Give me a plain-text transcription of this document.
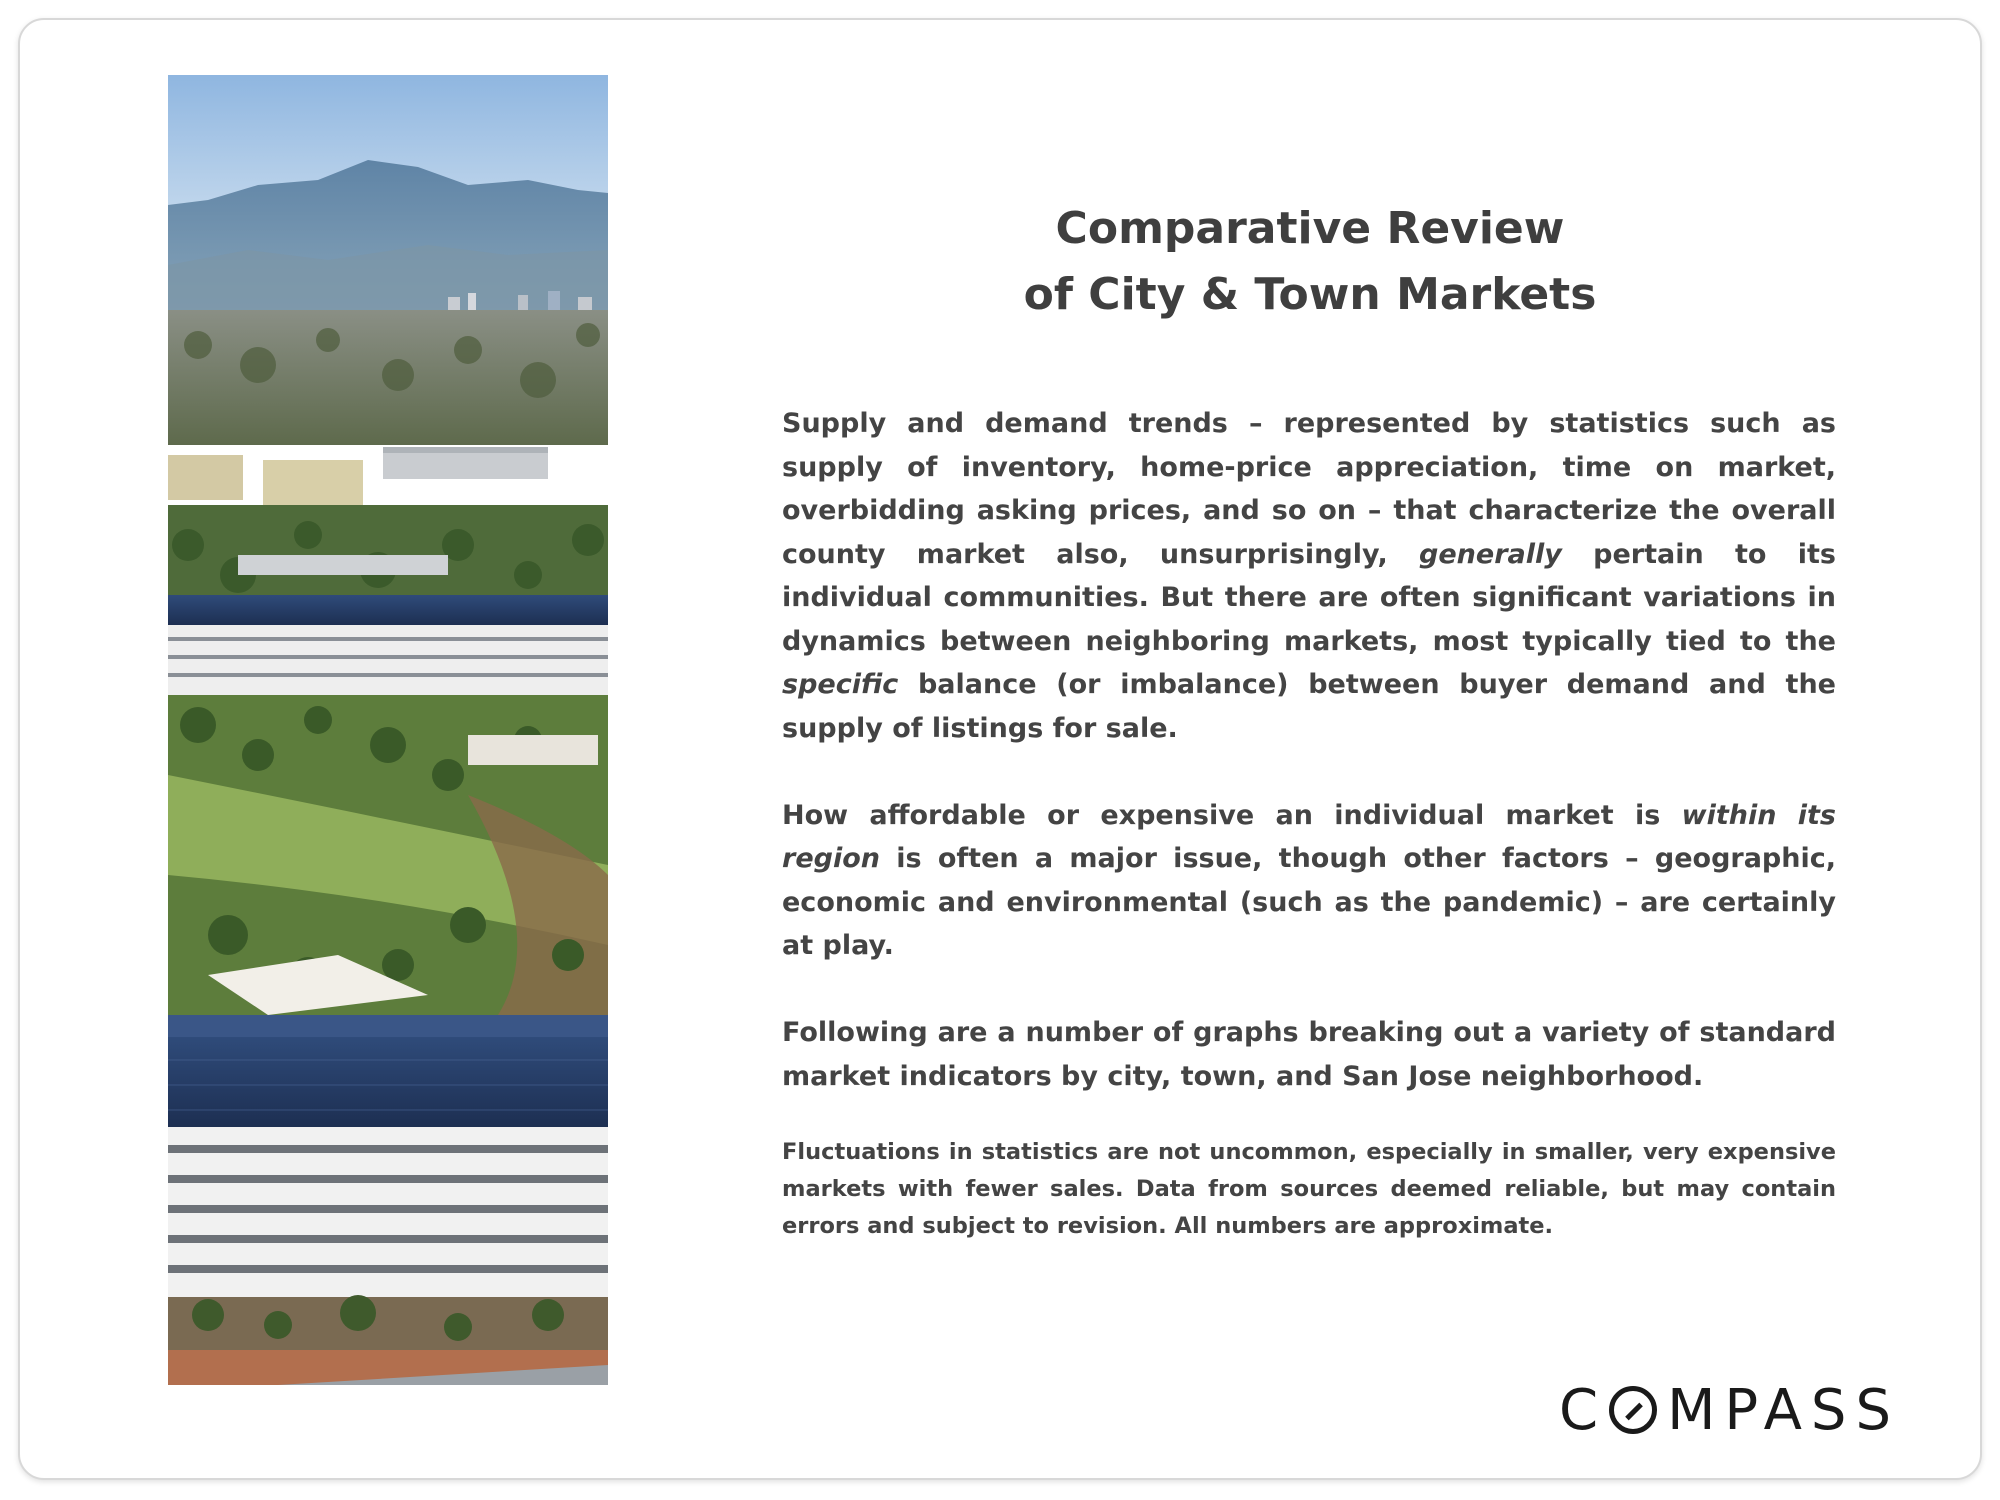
Comparative Review
of City & Town Markets

Supply and demand trends – represented by statistics such as supply of inventory, home-price appreciation, time on market, overbidding asking prices, and so on – that characterize the overall county market also, unsurprisingly, generally pertain to its individual communities. But there are often significant variations in dynamics between neighboring markets, most typically tied to the specific balance (or imbalance) between buyer demand and the supply of listings for sale.

How affordable or expensive an individual market is within its region is often a major issue, though other factors – geographic, economic and environmental (such as the pandemic) – are certainly at play.

Following are a number of graphs breaking out a variety of standard market indicators by city, town, and San Jose neighborhood.

Fluctuations in statistics are not uncommon, especially in smaller, very expensive markets with fewer sales. Data from sources deemed reliable, but may contain errors and subject to revision. All numbers are approximate.
C MPASS
